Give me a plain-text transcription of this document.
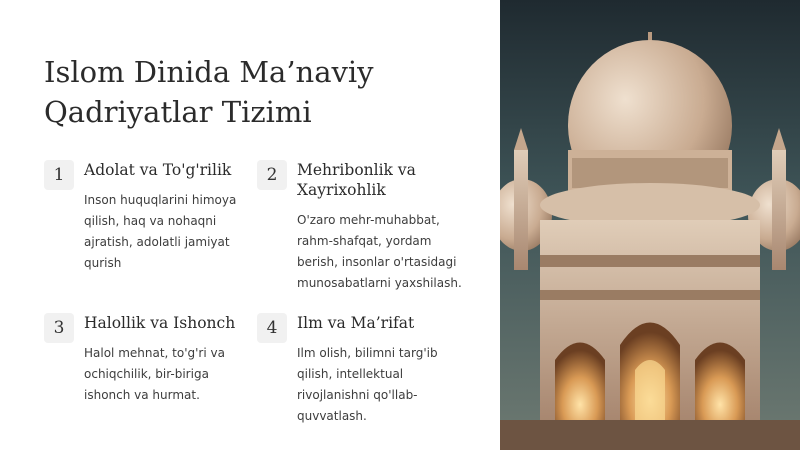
Islom Dinida Ma’naviy Qadriyatlar Tizimi
1	Adolat va To'g'rilik

Inson huquqlarini himoya qilish, haq va nohaqni ajratish, adolatli jamiyat qurish

2	Mehribonlik va Xayrixohlik

O'zaro mehr-muhabbat, rahm-shafqat, yordam berish, insonlar o'rtasidagi munosabatlarni yaxshilash.

3	Halollik va Ishonch

Halol mehnat, to'g'ri va ochiqchilik, bir-biriga ishonch va hurmat.

4	Ilm va Ma’rifat

Ilm olish, bilimni targ'ib qilish, intellektual rivojlanishni qo'llab-quvvatlash.
